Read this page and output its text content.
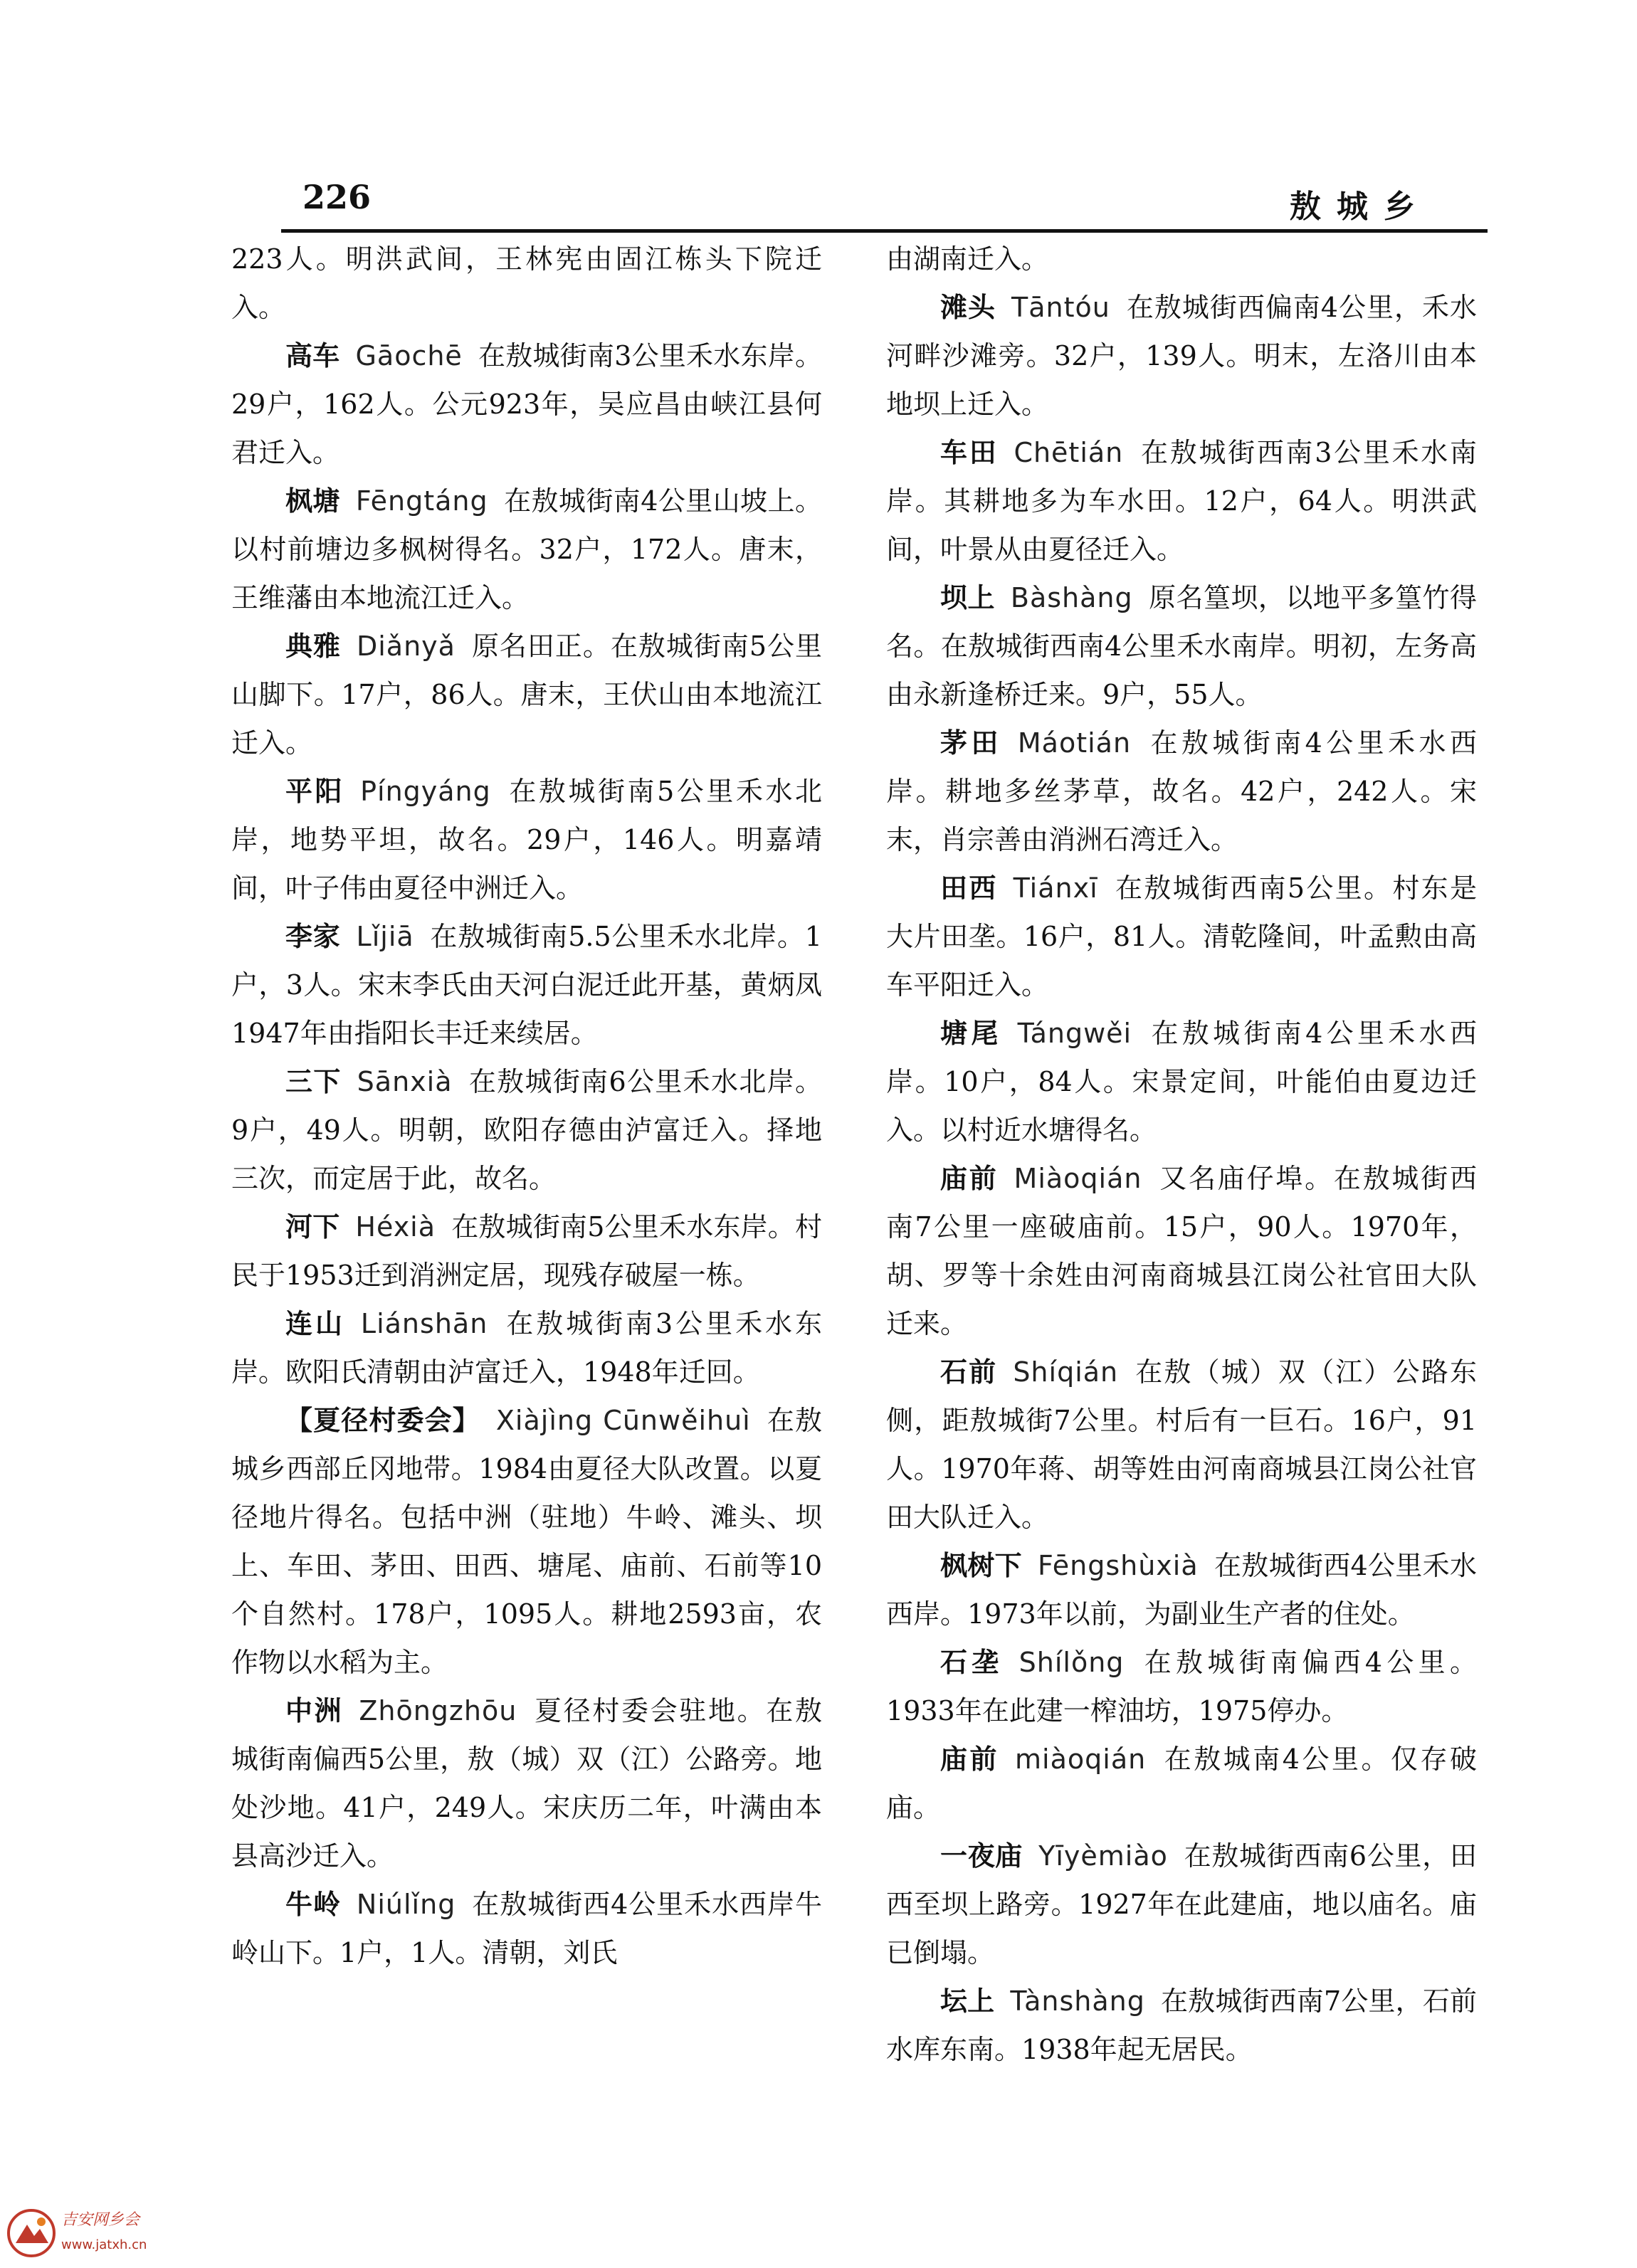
226	敖城乡

223人。明洪武间，王林宪由固江栋头下院迁入。

高车 Gāochē 在敖城街南3公里禾水东岸。29户，162人。公元923年，吴应昌由峡江县何君迁入。

枫塘 Fēngtáng 在敖城街南4公里山坡上。以村前塘边多枫树得名。32户，172人。唐末，王维藩由本地流江迁入。

典雅 Diǎnyǎ 原名田正。在敖城街南5公里山脚下。17户，86人。唐末，王伏山由本地流江迁入。

平阳 Píngyáng 在敖城街南5公里禾水北岸，地势平坦，故名。29户，146人。明嘉靖间，叶子伟由夏径中洲迁入。

李家 Lǐjiā 在敖城街南5.5公里禾水北岸。1户，3人。宋末李氏由天河白泥迁此开基，黄炳凤1947年由指阳长丰迁来续居。

三下 Sānxià 在敖城街南6公里禾水北岸。9户，49人。明朝，欧阳存德由泸富迁入。择地三次，而定居于此，故名。

河下 Héxià 在敖城街南5公里禾水东岸。村民于1953迁到消洲定居，现残存破屋一栋。

连山 Liánshān 在敖城街南3公里禾水东岸。欧阳氏清朝由泸富迁入，1948年迁回。

【夏径村委会】 Xiàjìng Cūnwěihuì 在敖城乡西部丘冈地带。1984由夏径大队改置。以夏径地片得名。包括中洲（驻地）牛岭、滩头、坝上、车田、茅田、田西、塘尾、庙前、石前等10个自然村。178户，1095人。耕地2593亩，农作物以水稻为主。

中洲 Zhōngzhōu 夏径村委会驻地。在敖城街南偏西5公里，敖（城）双（江）公路旁。地处沙地。41户，249人。宋庆历二年，叶满由本县高沙迁入。

牛岭 Niúlǐng 在敖城街西4公里禾水西岸牛岭山下。1户，1人。清朝，刘氏

由湖南迁入。

滩头 Tāntóu 在敖城街西偏南4公里，禾水河畔沙滩旁。32户，139人。明末，左洛川由本地坝上迁入。

车田 Chētián 在敖城街西南3公里禾水南岸。其耕地多为车水田。12户，64人。明洪武间，叶景从由夏径迁入。

坝上 Bàshàng 原名篁坝，以地平多篁竹得名。在敖城街西南4公里禾水南岸。明初，左务高由永新逢桥迁来。9户，55人。

茅田 Máotián 在敖城街南4公里禾水西岸。耕地多丝茅草，故名。42户，242人。宋末，肖宗善由消洲石湾迁入。

田西 Tiánxī 在敖城街西南5公里。村东是大片田垄。16户，81人。清乾隆间，叶孟勲由高车平阳迁入。

塘尾 Tángwěi 在敖城街南4公里禾水西岸。10户，84人。宋景定间，叶能伯由夏边迁入。以村近水塘得名。

庙前 Miàoqián 又名庙仔埠。在敖城街西南7公里一座破庙前。15户，90人。1970年，胡、罗等十余姓由河南商城县江岗公社官田大队迁来。

石前 Shíqián 在敖（城）双（江）公路东侧，距敖城街7公里。村后有一巨石。16户，91人。1970年蒋、胡等姓由河南商城县江岗公社官田大队迁入。

枫树下 Fēngshùxià 在敖城街西4公里禾水西岸。1973年以前，为副业生产者的住处。

石垄 Shílǒng 在敖城街南偏西4公里。1933年在此建一榨油坊，1975停办。

庙前 miàoqián 在敖城南4公里。仅存破庙。

一夜庙 Yīyèmiào 在敖城街西南6公里，田西至坝上路旁。1927年在此建庙，地以庙名。庙已倒塌。

坛上 Tànshàng 在敖城街西南7公里，石前水库东南。1938年起无居民。

吉安网乡会
www.jatxh.cn
